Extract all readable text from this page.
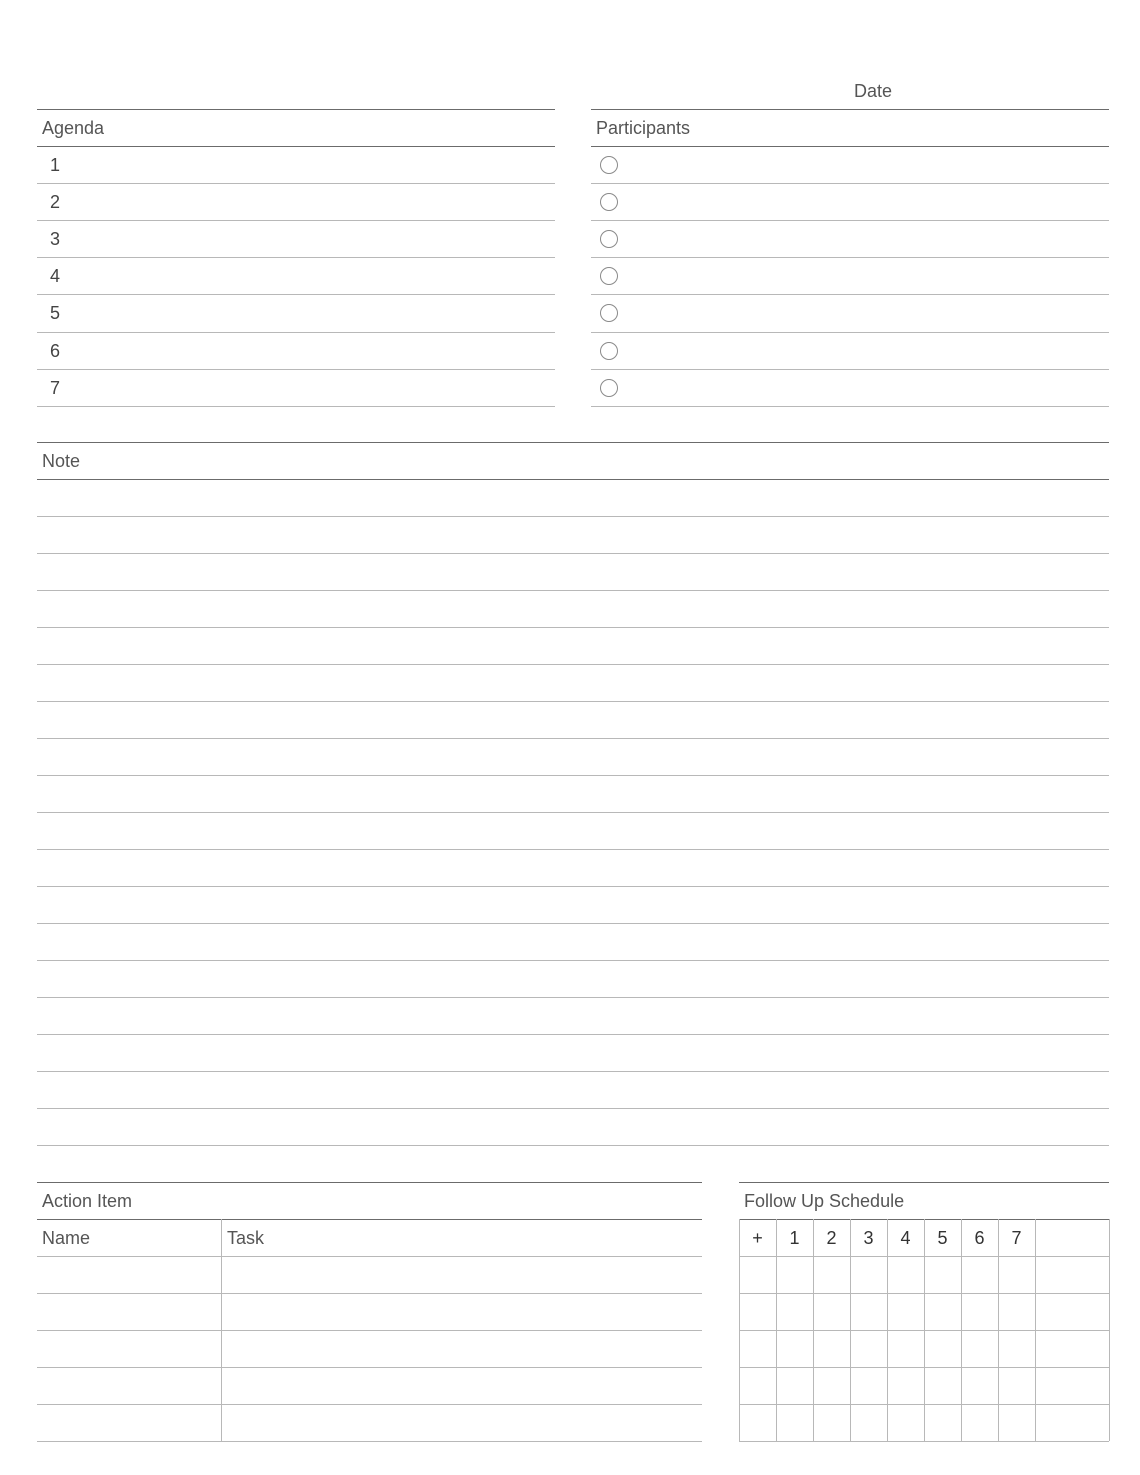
Date
Agenda
1
2
3
4
5
6
7
Participants
Note
Action Item
Name	Task
Follow Up Schedule
+	1	2	3	4	5	6	7
